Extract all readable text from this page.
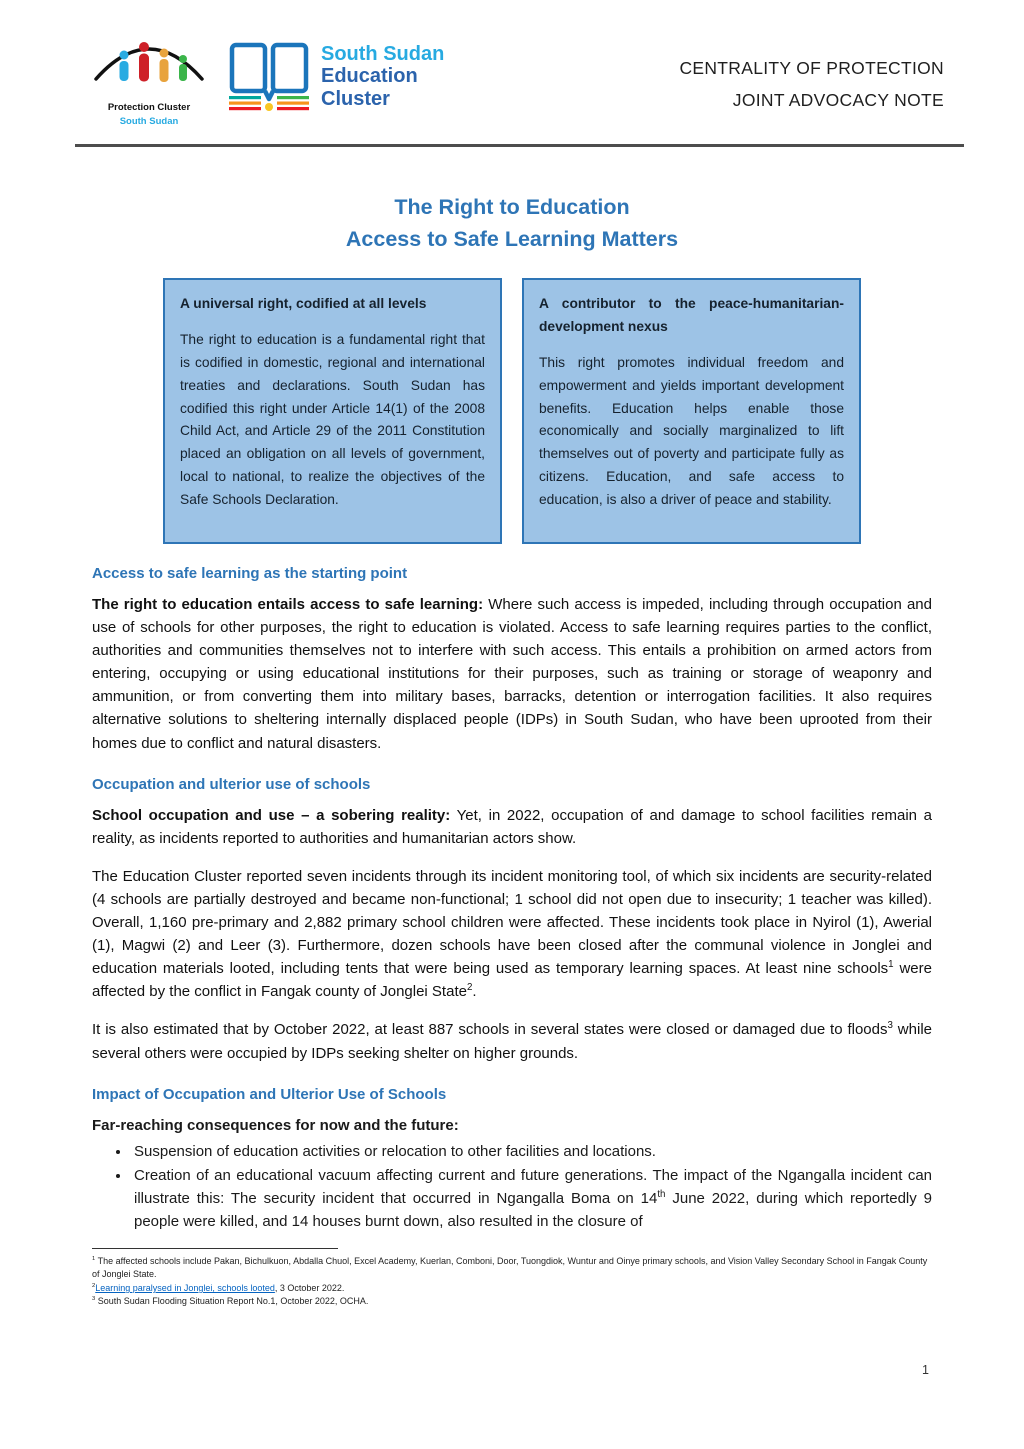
Protection Cluster
South Sudan
South Sudan
Education
Cluster
CENTRALITY OF PROTECTION
JOINT ADVOCACY NOTE
The Right to Education
Access to Safe Learning Matters
A universal right, codified at all levels
The right to education is a fundamental right that is codified in domestic, regional and international treaties and declarations. South Sudan has codified this right under Article 14(1) of the 2008 Child Act, and Article 29 of the 2011 Constitution placed an obligation on all levels of government, local to national, to realize the objectives of the Safe Schools Declaration.
A contributor to the peace-humanitarian-development nexus
This right promotes individual freedom and empowerment and yields important development benefits. Education helps enable those economically and socially marginalized to lift themselves out of poverty and participate fully as citizens. Education, and safe access to education, is also a driver of peace and stability.
Access to safe learning as the starting point

The right to education entails access to safe learning: Where such access is impeded, including through occupation and use of schools for other purposes, the right to education is violated. Access to safe learning requires parties to the conflict, authorities and communities themselves not to interfere with such access. This entails a prohibition on armed actors from entering, occupying or using educational institutions for their purposes, such as training or storage of weaponry and ammunition, or from converting them into military bases, barracks, detention or interrogation facilities. It also requires alternative solutions to sheltering internally displaced people (IDPs) in South Sudan, who have been uprooted from their homes due to conflict and natural disasters.

Occupation and ulterior use of schools

School occupation and use – a sobering reality: Yet, in 2022, occupation of and damage to school facilities remain a reality, as incidents reported to authorities and humanitarian actors show.

The Education Cluster reported seven incidents through its incident monitoring tool, of which six incidents are security-related (4 schools are partially destroyed and became non-functional; 1 school did not open due to insecurity; 1 teacher was killed). Overall, 1,160 pre-primary and 2,882 primary school children were affected. These incidents took place in Nyirol (1), Awerial (1), Magwi (2) and Leer (3). Furthermore, dozen schools have been closed after the communal violence in Jonglei and education materials looted, including tents that were being used as temporary learning spaces. At least nine schools$^1$ were affected by the conflict in Fangak county of Jonglei State$^2$.

It is also estimated that by October 2022, at least 887 schools in several states were closed or damaged due to floods$^3$ while several others were occupied by IDPs seeking shelter on higher grounds.

Impact of Occupation and Ulterior Use of Schools
Far-reaching consequences for now and the future:
• Suspension of education activities or relocation to other facilities and locations.
• Creation of an educational vacuum affecting current and future generations. The impact of the Ngangalla incident can illustrate this: The security incident that occurred in Ngangalla Boma on 14th June 2022, during which reportedly 9 people were killed, and 14 houses burnt down, also resulted in the closure of
$^1$ The affected schools include Pakan, Bichulkuon, Abdalla Chuol, Excel Academy, Kuerlan, Comboni, Door, Tuongdiok, Wuntur and Oinye primary schools, and Vision Valley Secondary School in Fangak County of Jonglei State.
$^2$Learning paralysed in Jonglei, schools looted, 3 October 2022.
$^3$ South Sudan Flooding Situation Report No.1, October 2022, OCHA.
1
